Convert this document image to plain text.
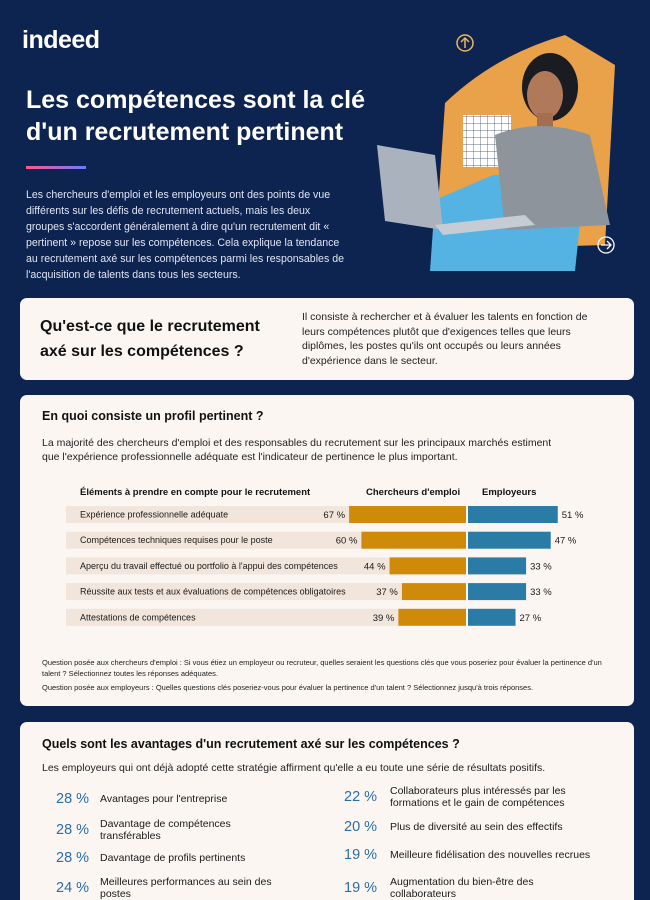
indeed
Les compétences sont la clé d'un recrutement pertinent

Les chercheurs d'emploi et les employeurs ont des points de vue différents sur les défis de recrutement actuels, mais les deux groupes s'accordent généralement à dire qu'un recrutement dit « pertinent » repose sur les compétences. Cela explique la tendance au recrutement axé sur les compétences parmi les responsables de l'acquisition de talents dans tous les secteurs.

Qu'est-ce que le recrutement axé sur les compétences ?

Il consiste à rechercher et à évaluer les talents en fonction de leurs compétences plutôt que d'exigences telles que leurs diplômes, les postes qu'ils ont occupés ou leurs années d'expérience dans le secteur.

En quoi consiste un profil pertinent ?

La majorité des chercheurs d'emploi et des responsables du recrutement sur les principaux marchés estiment que l'expérience professionnelle adéquate est l'indicateur de pertinence le plus important.

Éléments à prendre en compte pour le recrutement	Chercheurs d'emploi Employeurs
Expérience professionnelle adéquate	67 %	51 %
Compétences techniques requises pour le poste	60 %	47 %
Aperçu du travail effectué ou portfolio à l'appui des compétences	44 %	33 %
Réussite aux tests et aux évaluations de compétences obligatoires	37 %	33 %
Attestations de compétences	39 %	27 %

Question posée aux chercheurs d'emploi : Si vous étiez un employeur ou recruteur, quelles seraient les questions clés que vous poseriez pour évaluer la pertinence d'un talent ? Sélectionnez toutes les réponses adéquates.

Question posée aux employeurs : Quelles questions clés poseriez-vous pour évaluer la pertinence d'un talent ? Sélectionnez jusqu'à trois réponses.

Quels sont les avantages d'un recrutement axé sur les compétences ?

Les employeurs qui ont déjà adopté cette stratégie affirment qu'elle a eu toute une série de résultats positifs.

28 %	Avantages pour l'entreprise
28 %	Davantage de compétences transférables
28 %	Davantage de profils pertinents
24 %	Meilleures performances au sein des postes
22 %	Collaborateurs plus intéressés par les formations et le gain de compétences
20 %	Plus de diversité au sein des effectifs
19 %	Meilleure fidélisation des nouvelles recrues
19 %	Augmentation du bien-être des collaborateurs
